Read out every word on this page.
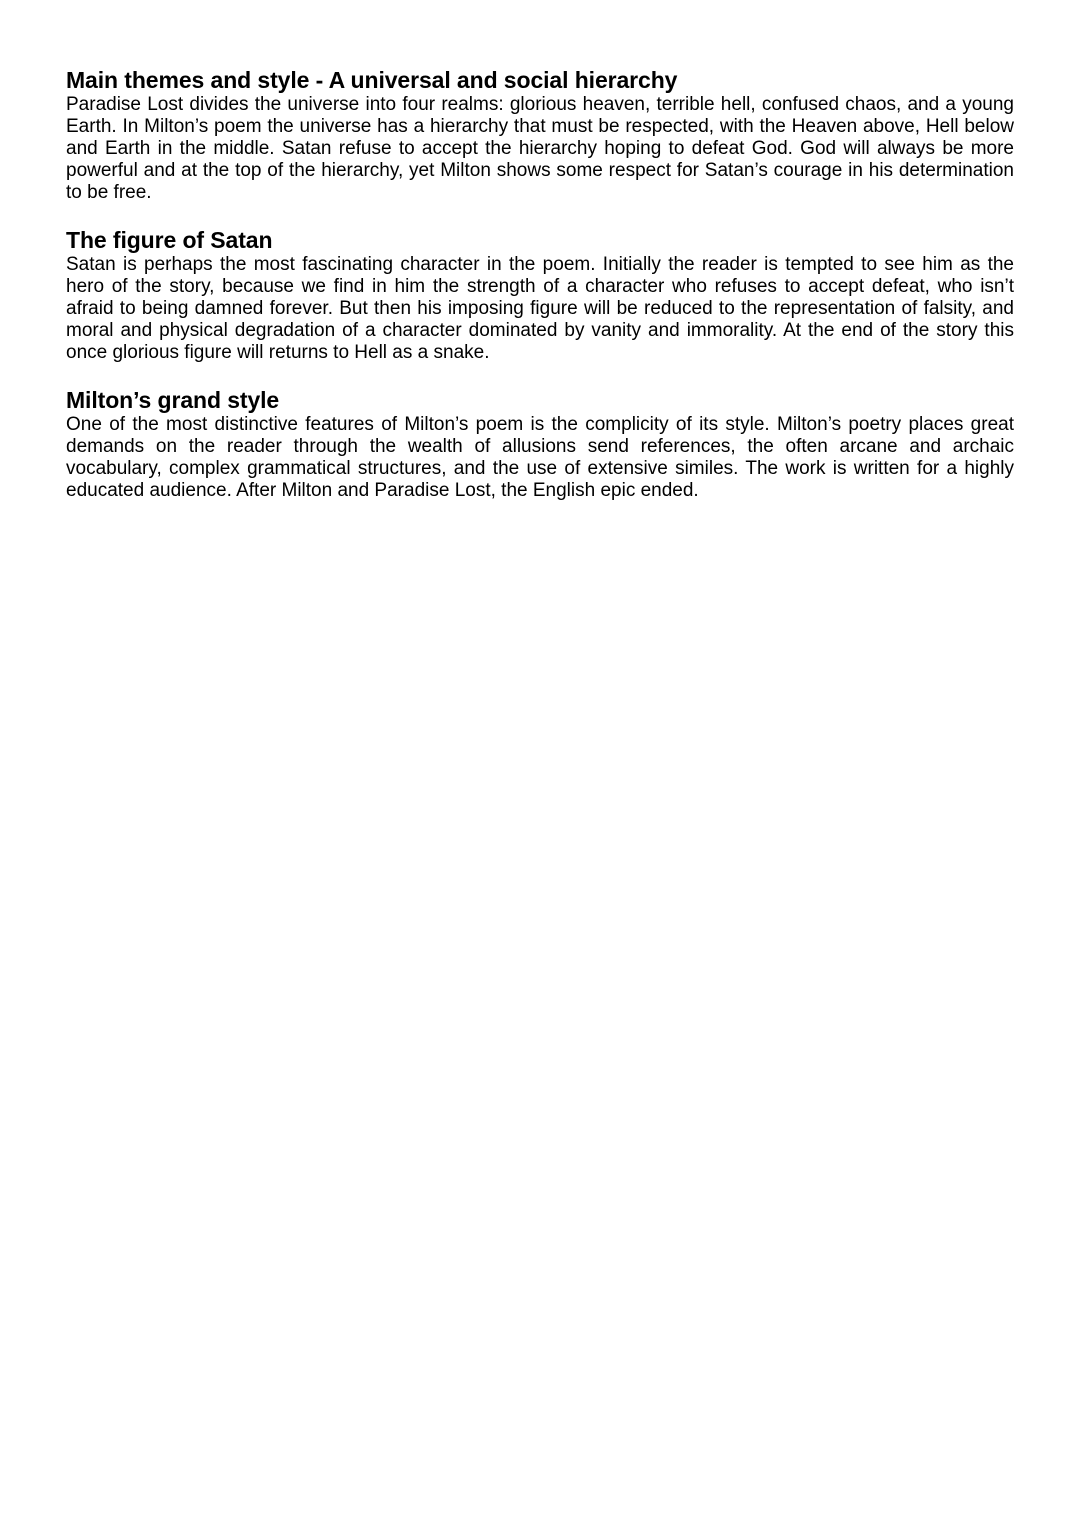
Main themes and style - A universal and social hierarchy

Paradise Lost divides the universe into four realms: glorious heaven, terrible hell, confused chaos, and a young Earth. In Milton’s poem the universe has a hierarchy that must be respected, with the Heaven above, Hell below and Earth in the middle. Satan refuse to accept the hierarchy hoping to defeat God. God will always be more powerful and at the top of the hierarchy, yet Milton shows some respect for Satan’s courage in his determination to be free.

The figure of Satan

Satan is perhaps the most fascinating character in the poem. Initially the reader is tempted to see him as the hero of the story, because we find in him the strength of a character who refuses to accept defeat, who isn’t afraid to being damned forever. But then his imposing figure will be reduced to the representation of falsity, and moral and physical degradation of a character dominated by vanity and immorality. At the end of the story this once glorious figure will returns to Hell as a snake.

Milton’s grand style

One of the most distinctive features of Milton’s poem is the complicity of its style. Milton’s poetry places great demands on the reader through the wealth of allusions send references, the often arcane and archaic vocabulary, complex grammatical structures, and the use of extensive similes. The work is written for a highly educated audience. After Milton and Paradise Lost, the English epic ended.
